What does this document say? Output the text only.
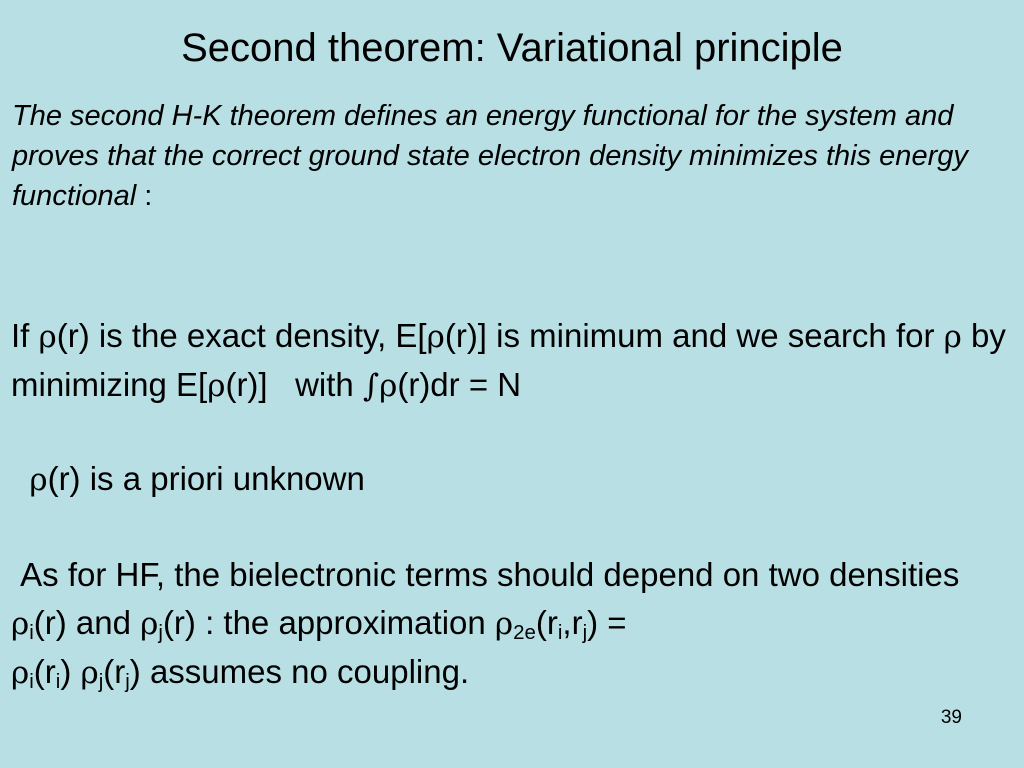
Second theorem: Variational principle
The second H-K theorem defines an energy functional for the system and proves that the correct ground state electron density minimizes this energy functional :
If ρ(r) is the exact density, E[ρ(r)] is minimum and we search for ρ by minimizing E[ρ(r)]   with ∫ρ(r)dr = N
ρ(r) is a priori unknown
As for HF, the bielectronic terms should depend on two densities  $\rho_i(r)$ and $\rho_j(r)$ : the approximation $\rho_{2e}(r_i,r_j)$ =
$\rho_i(r_i)$ $\rho_j(r_j)$ assumes no coupling.
39
